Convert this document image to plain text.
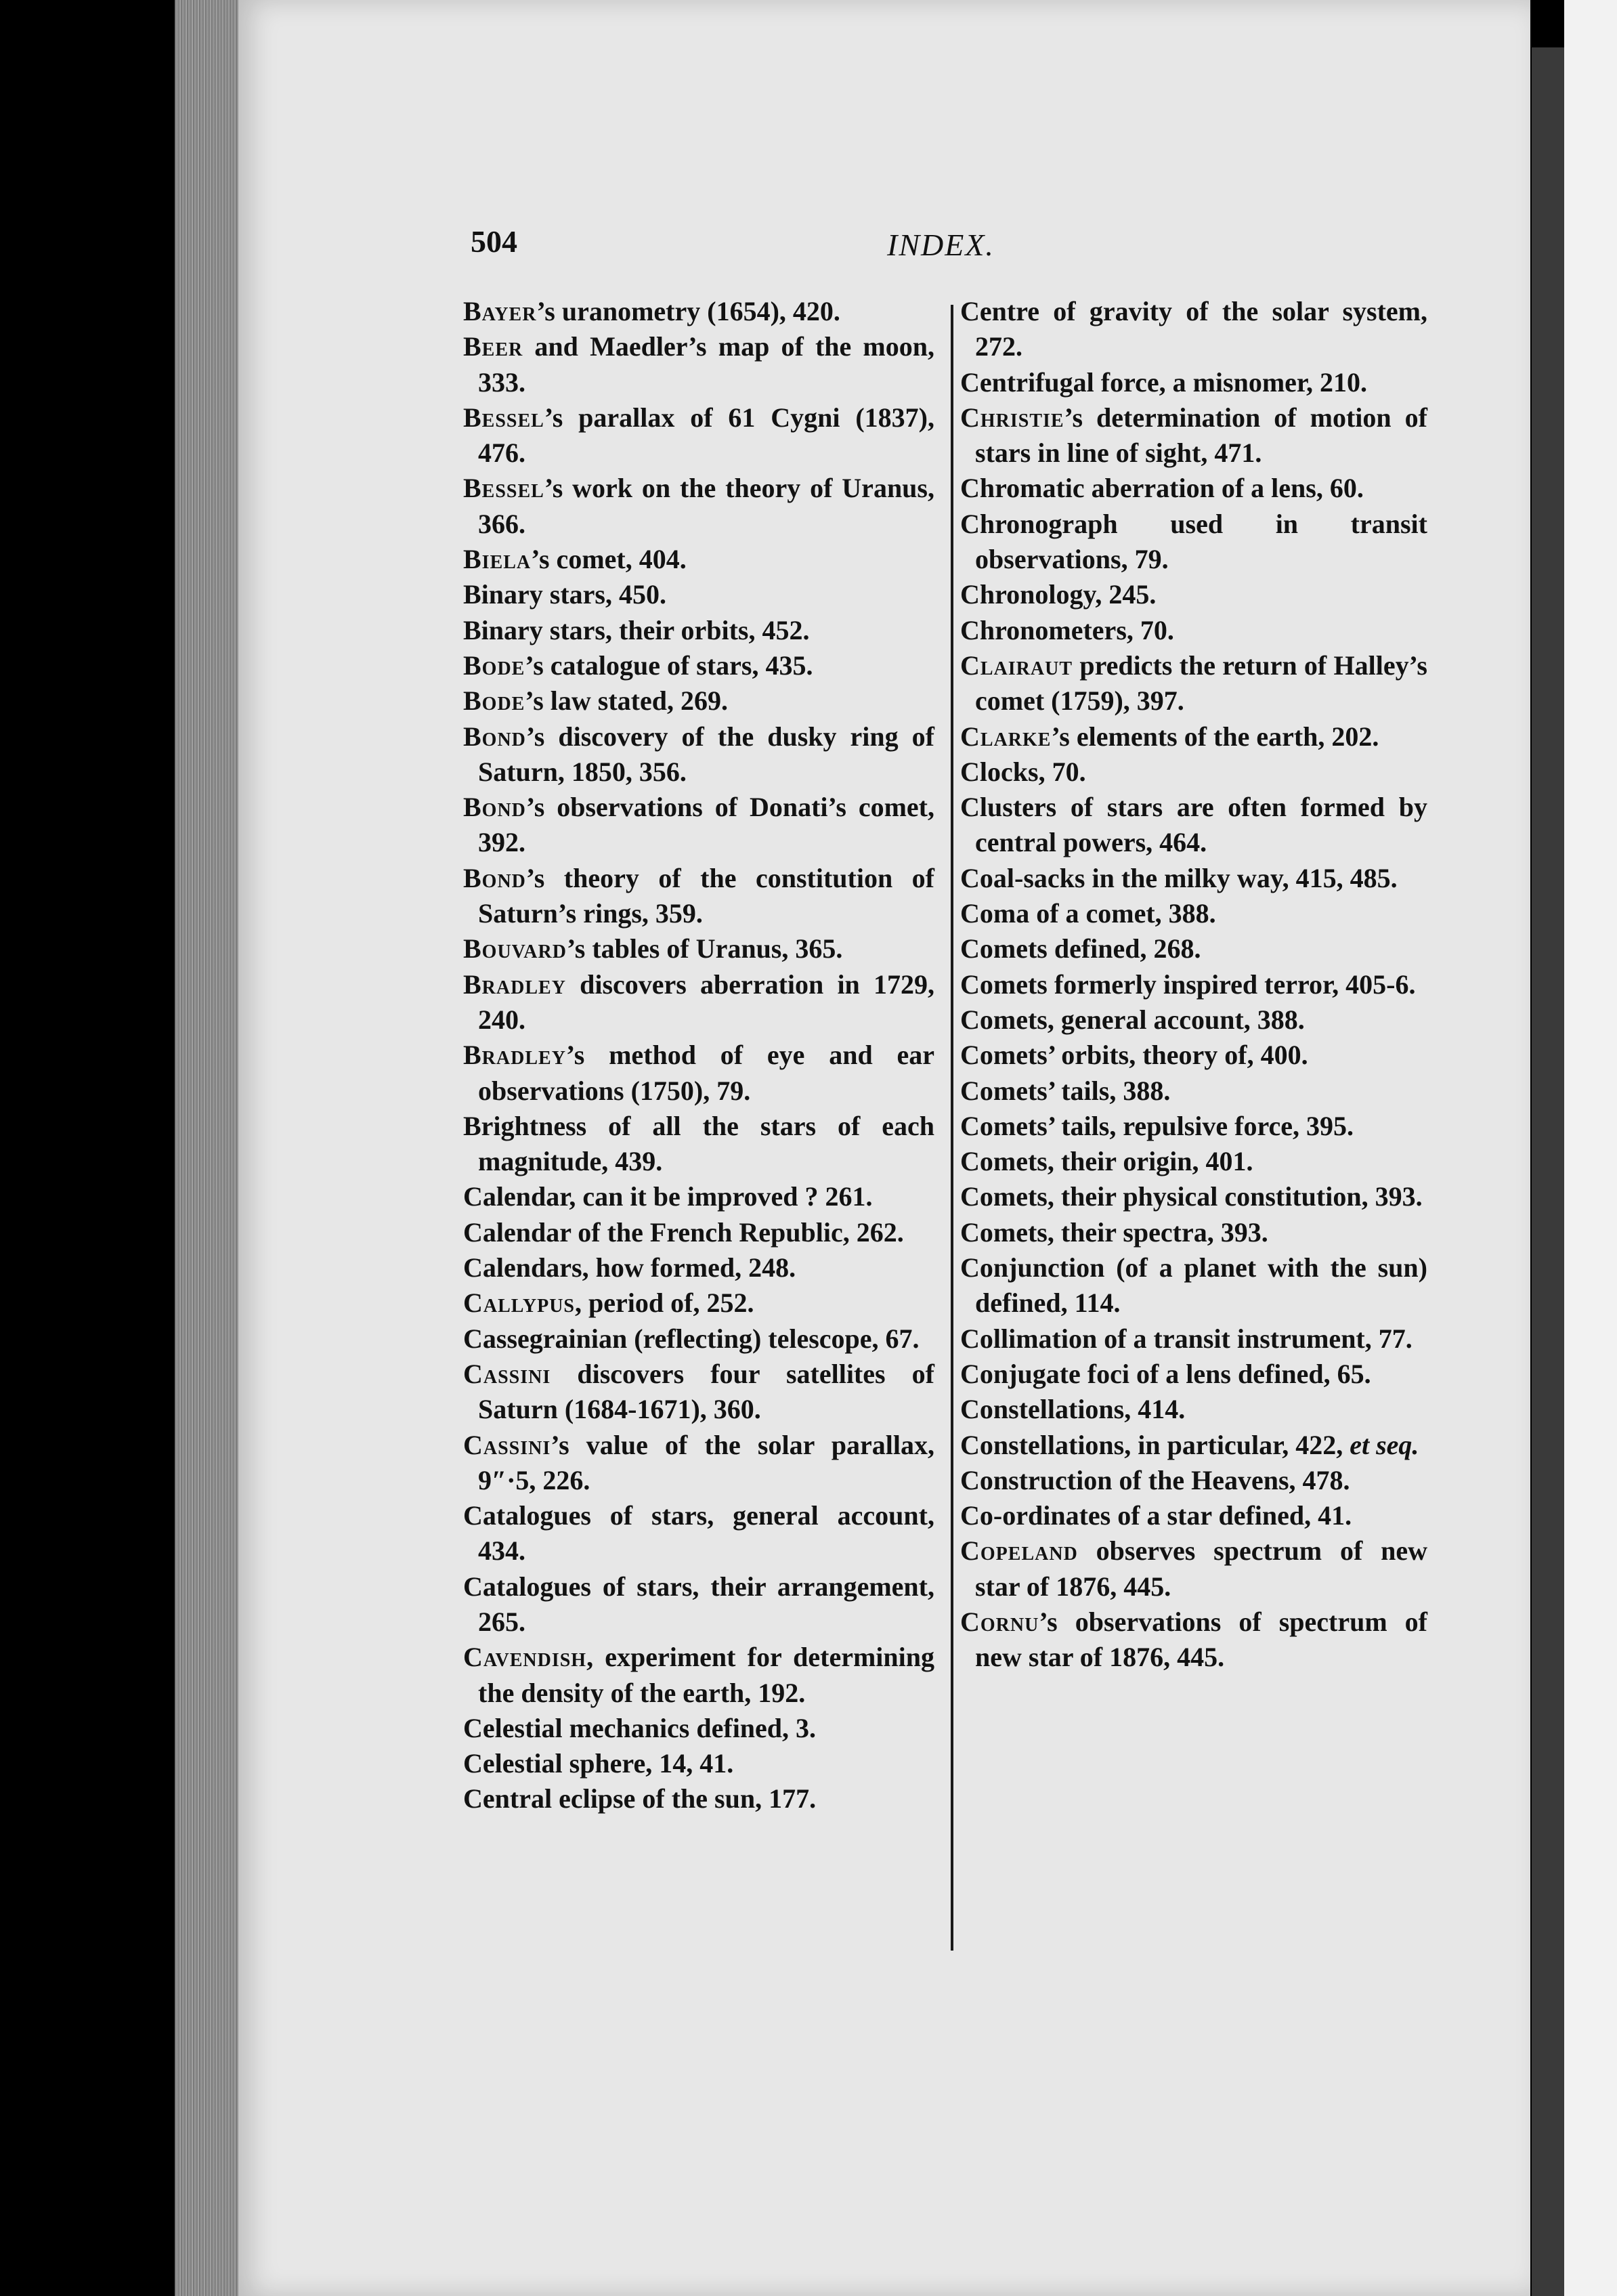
504	INDEX.
Bayer’s uranometry (1654), 420.
Beer and Maedler’s map of the moon, 333.
Bessel’s parallax of 61 Cygni (1837), 476.
Bessel’s work on the theory of Uranus, 366.
Biela’s comet, 404.
Binary stars, 450.
Binary stars, their orbits, 452.
Bode’s catalogue of stars, 435.
Bode’s law stated, 269.
Bond’s discovery of the dusky ring of Saturn, 1850, 356.
Bond’s observations of Donati’s comet, 392.
Bond’s theory of the constitution of Saturn’s rings, 359.
Bouvard’s tables of Uranus, 365.
Bradley discovers aberration in 1729, 240.
Bradley’s method of eye and ear observations (1750), 79.
Brightness of all the stars of each magnitude, 439.
Calendar, can it be improved ? 261.
Calendar of the French Republic, 262.
Calendars, how formed, 248.
Callypus, period of, 252.
Cassegrainian (reflecting) telescope, 67.
Cassini discovers four satellites of Saturn (1684-1671), 360.
Cassini’s value of the solar parallax, 9″·5, 226.
Catalogues of stars, general account, 434.
Catalogues of stars, their arrangement, 265.
Cavendish, experiment for determining the density of the earth, 192.
Celestial mechanics defined, 3.
Celestial sphere, 14, 41.
Central eclipse of the sun, 177.
Centre of gravity of the solar system, 272.
Centrifugal force, a misnomer, 210.
Christie’s determination of motion of stars in line of sight, 471.
Chromatic aberration of a lens, 60.
Chronograph used in transit observations, 79.
Chronology, 245.
Chronometers, 70.
Clairaut predicts the return of Halley’s comet (1759), 397.
Clarke’s elements of the earth, 202.
Clocks, 70.
Clusters of stars are often formed by central powers, 464.
Coal-sacks in the milky way, 415, 485.
Coma of a comet, 388.
Comets defined, 268.
Comets formerly inspired terror, 405-6.
Comets, general account, 388.
Comets’ orbits, theory of, 400.
Comets’ tails, 388.
Comets’ tails, repulsive force, 395.
Comets, their origin, 401.
Comets, their physical constitution, 393.
Comets, their spectra, 393.
Conjunction (of a planet with the sun) defined, 114.
Collimation of a transit instrument, 77.
Conjugate foci of a lens defined, 65.
Constellations, 414.
Constellations, in particular, 422, et seq.
Construction of the Heavens, 478.
Co-ordinates of a star defined, 41.
Copeland observes spectrum of new star of 1876, 445.
Cornu’s observations of spectrum of new star of 1876, 445.
